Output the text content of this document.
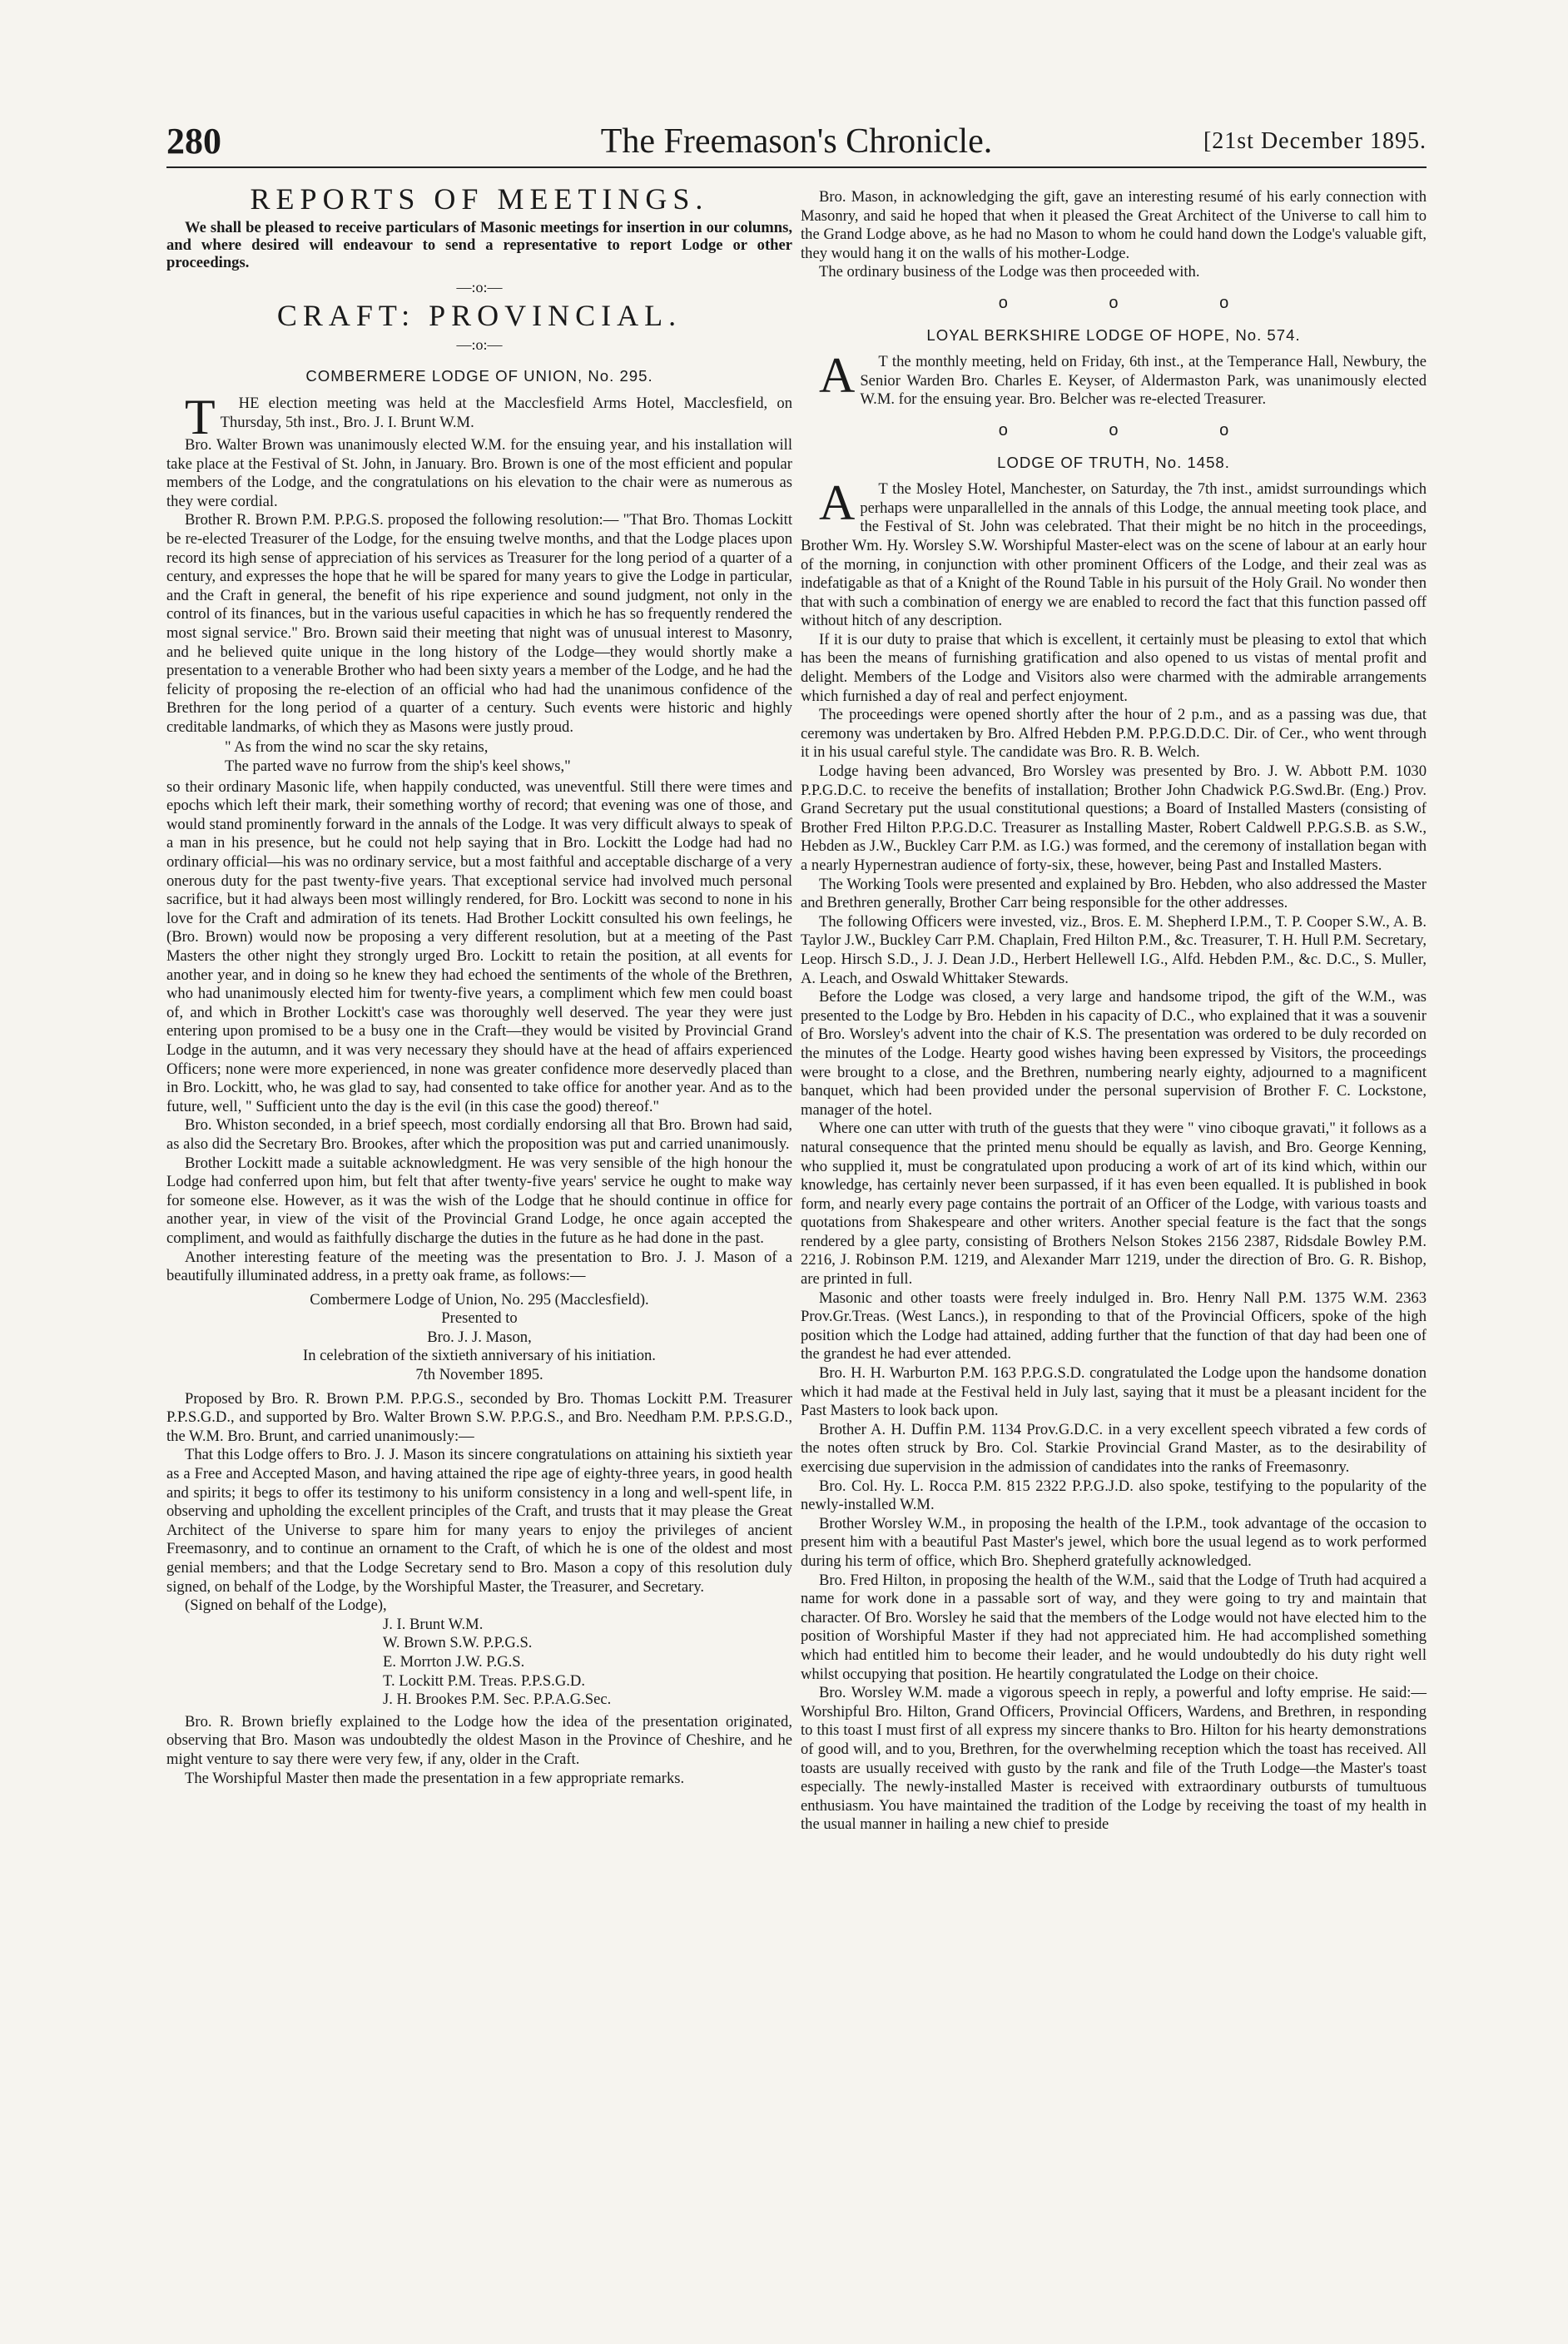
The Freemason's Chronicle.
280	[21st December 1895.
REPORTS OF MEETINGS.

We shall be pleased to receive particulars of Masonic meetings for insertion in our columns, and where desired will endeavour to send a representative to report Lodge or other proceedings.

—:o:—
CRAFT: PROVINCIAL.
—:o:—
COMBERMERE LODGE OF UNION, No. 295.

T HE election meeting was held at the Macclesfield Arms Hotel, Macclesfield, on Thursday, 5th inst., Bro. J. I. Brunt W.M.

Bro. Walter Brown was unanimously elected W.M. for the ensuing year, and his installation will take place at the Festival of St. John, in January. Bro. Brown is one of the most efficient and popular members of the Lodge, and the congratulations on his elevation to the chair were as numerous as they were cordial.

Brother R. Brown P.M. P.P.G.S. proposed the following resolution:— "That Bro. Thomas Lockitt be re-elected Treasurer of the Lodge, for the ensuing twelve months, and that the Lodge places upon record its high sense of appreciation of his services as Treasurer for the long period of a quarter of a century, and expresses the hope that he will be spared for many years to give the Lodge in particular, and the Craft in general, the benefit of his ripe experience and sound judgment, not only in the control of its finances, but in the various useful capacities in which he has so frequently rendered the most signal service." Bro. Brown said their meeting that night was of unusual interest to Masonry, and he believed quite unique in the long history of the Lodge—they would shortly make a presentation to a venerable Brother who had been sixty years a member of the Lodge, and he had the felicity of proposing the re-election of an official who had had the unanimous confidence of the Brethren for the long period of a quarter of a century. Such events were historic and highly creditable landmarks, of which they as Masons were justly proud.

" As from the wind no scar the sky retains,

The parted wave no furrow from the ship's keel shows,"

so their ordinary Masonic life, when happily conducted, was uneventful. Still there were times and epochs which left their mark, their something worthy of record; that evening was one of those, and would stand prominently forward in the annals of the Lodge. It was very difficult always to speak of a man in his presence, but he could not help saying that in Bro. Lockitt the Lodge had had no ordinary official—his was no ordinary service, but a most faithful and acceptable discharge of a very onerous duty for the past twenty-five years. That exceptional service had involved much personal sacrifice, but it had always been most willingly rendered, for Bro. Lockitt was second to none in his love for the Craft and admiration of its tenets. Had Brother Lockitt consulted his own feelings, he (Bro. Brown) would now be proposing a very different resolution, but at a meeting of the Past Masters the other night they strongly urged Bro. Lockitt to retain the position, at all events for another year, and in doing so he knew they had echoed the sentiments of the whole of the Brethren, who had unanimously elected him for twenty-five years, a compliment which few men could boast of, and which in Brother Lockitt's case was thoroughly well deserved. The year they were just entering upon promised to be a busy one in the Craft—they would be visited by Provincial Grand Lodge in the autumn, and it was very necessary they should have at the head of affairs experienced Officers; none were more experienced, in none was greater confidence more deservedly placed than in Bro. Lockitt, who, he was glad to say, had consented to take office for another year. And as to the future, well, " Sufficient unto the day is the evil (in this case the good) thereof."

Bro. Whiston seconded, in a brief speech, most cordially endorsing all that Bro. Brown had said, as also did the Secretary Bro. Brookes, after which the proposition was put and carried unanimously.

Brother Lockitt made a suitable acknowledgment. He was very sensible of the high honour the Lodge had conferred upon him, but felt that after twenty-five years' service he ought to make way for someone else. However, as it was the wish of the Lodge that he should continue in office for another year, in view of the visit of the Provincial Grand Lodge, he once again accepted the compliment, and would as faithfully discharge the duties in the future as he had done in the past.

Another interesting feature of the meeting was the presentation to Bro. J. J. Mason of a beautifully illuminated address, in a pretty oak frame, as follows:—

Combermere Lodge of Union, No. 295 (Macclesfield).

Presented to

Bro. J. J. Mason,

In celebration of the sixtieth anniversary of his initiation.

7th November 1895.

Proposed by Bro. R. Brown P.M. P.P.G.S., seconded by Bro. Thomas Lockitt P.M. Treasurer P.P.S.G.D., and supported by Bro. Walter Brown S.W. P.P.G.S., and Bro. Needham P.M. P.P.S.G.D., the W.M. Bro. Brunt, and carried unanimously:—

That this Lodge offers to Bro. J. J. Mason its sincere congratulations on attaining his sixtieth year as a Free and Accepted Mason, and having attained the ripe age of eighty-three years, in good health and spirits; it begs to offer its testimony to his uniform consistency in a long and well-spent life, in observing and upholding the excellent principles of the Craft, and trusts that it may please the Great Architect of the Universe to spare him for many years to enjoy the privileges of ancient Freemasonry, and to continue an ornament to the Craft, of which he is one of the oldest and most genial members; and that the Lodge Secretary send to Bro. Mason a copy of this resolution duly signed, on behalf of the Lodge, by the Worshipful Master, the Treasurer, and Secretary.

(Signed on behalf of the Lodge),

J. I. Brunt W.M.

W. Brown S.W. P.P.G.S.

E. Morrton J.W. P.G.S.

T. Lockitt P.M. Treas. P.P.S.G.D.

J. H. Brookes P.M. Sec. P.P.A.G.Sec.

Bro. R. Brown briefly explained to the Lodge how the idea of the presentation originated, observing that Bro. Mason was undoubtedly the oldest Mason in the Province of Cheshire, and he might venture to say there were very few, if any, older in the Craft.

The Worshipful Master then made the presentation in a few appropriate remarks.

Bro. Mason, in acknowledging the gift, gave an interesting resumé of his early connection with Masonry, and said he hoped that when it pleased the Great Architect of the Universe to call him to the Grand Lodge above, as he had no Mason to whom he could hand down the Lodge's valuable gift, they would hang it on the walls of his mother-Lodge.

The ordinary business of the Lodge was then proceeded with.

o o o
LOYAL BERKSHIRE LODGE OF HOPE, No. 574.

A T the monthly meeting, held on Friday, 6th inst., at the Temperance Hall, Newbury, the Senior Warden Bro. Charles E. Keyser, of Aldermaston Park, was unanimously elected W.M. for the ensuing year. Bro. Belcher was re-elected Treasurer.

o o o
LODGE OF TRUTH, No. 1458.

A T the Mosley Hotel, Manchester, on Saturday, the 7th inst., amidst surroundings which perhaps were unparallelled in the annals of this Lodge, the annual meeting took place, and the Festival of St. John was celebrated. That their might be no hitch in the proceedings, Brother Wm. Hy. Worsley S.W. Worshipful Master-elect was on the scene of labour at an early hour of the morning, in conjunction with other prominent Officers of the Lodge, and their zeal was as indefatigable as that of a Knight of the Round Table in his pursuit of the Holy Grail. No wonder then that with such a combination of energy we are enabled to record the fact that this function passed off without hitch of any description.

If it is our duty to praise that which is excellent, it certainly must be pleasing to extol that which has been the means of furnishing gratification and also opened to us vistas of mental profit and delight. Members of the Lodge and Visitors also were charmed with the admirable arrangements which furnished a day of real and perfect enjoyment.

The proceedings were opened shortly after the hour of 2 p.m., and as a passing was due, that ceremony was undertaken by Bro. Alfred Hebden P.M. P.P.G.D.D.C. Dir. of Cer., who went through it in his usual careful style. The candidate was Bro. R. B. Welch.

Lodge having been advanced, Bro Worsley was presented by Bro. J. W. Abbott P.M. 1030 P.P.G.D.C. to receive the benefits of installation; Brother John Chadwick P.G.Swd.Br. (Eng.) Prov. Grand Secretary put the usual constitutional questions; a Board of Installed Masters (consisting of Brother Fred Hilton P.P.G.D.C. Treasurer as Installing Master, Robert Caldwell P.P.G.S.B. as S.W., Hebden as J.W., Buckley Carr P.M. as I.G.) was formed, and the ceremony of installation began with a nearly Hypernestran audience of forty-six, these, however, being Past and Installed Masters.

The Working Tools were presented and explained by Bro. Hebden, who also addressed the Master and Brethren generally, Brother Carr being responsible for the other addresses.

The following Officers were invested, viz., Bros. E. M. Shepherd I.P.M., T. P. Cooper S.W., A. B. Taylor J.W., Buckley Carr P.M. Chaplain, Fred Hilton P.M., &c. Treasurer, T. H. Hull P.M. Secretary, Leop. Hirsch S.D., J. J. Dean J.D., Herbert Hellewell I.G., Alfd. Hebden P.M., &c. D.C., S. Muller, A. Leach, and Oswald Whittaker Stewards.

Before the Lodge was closed, a very large and handsome tripod, the gift of the W.M., was presented to the Lodge by Bro. Hebden in his capacity of D.C., who explained that it was a souvenir of Bro. Worsley's advent into the chair of K.S. The presentation was ordered to be duly recorded on the minutes of the Lodge. Hearty good wishes having been expressed by Visitors, the proceedings were brought to a close, and the Brethren, numbering nearly eighty, adjourned to a magnificent banquet, which had been provided under the personal supervision of Brother F. C. Lockstone, manager of the hotel.

Where one can utter with truth of the guests that they were " vino ciboque gravati," it follows as a natural consequence that the printed menu should be equally as lavish, and Bro. George Kenning, who supplied it, must be congratulated upon producing a work of art of its kind which, within our knowledge, has certainly never been surpassed, if it has even been equalled. It is published in book form, and nearly every page contains the portrait of an Officer of the Lodge, with various toasts and quotations from Shakespeare and other writers. Another special feature is the fact that the songs rendered by a glee party, consisting of Brothers Nelson Stokes 2156 2387, Ridsdale Bowley P.M. 2216, J. Robinson P.M. 1219, and Alexander Marr 1219, under the direction of Bro. G. R. Bishop, are printed in full.

Masonic and other toasts were freely indulged in. Bro. Henry Nall P.M. 1375 W.M. 2363 Prov.Gr.Treas. (West Lancs.), in responding to that of the Provincial Officers, spoke of the high position which the Lodge had attained, adding further that the function of that day had been one of the grandest he had ever attended.

Bro. H. H. Warburton P.M. 163 P.P.G.S.D. congratulated the Lodge upon the handsome donation which it had made at the Festival held in July last, saying that it must be a pleasant incident for the Past Masters to look back upon.

Brother A. H. Duffin P.M. 1134 Prov.G.D.C. in a very excellent speech vibrated a few cords of the notes often struck by Bro. Col. Starkie Provincial Grand Master, as to the desirability of exercising due supervision in the admission of candidates into the ranks of Freemasonry.

Bro. Col. Hy. L. Rocca P.M. 815 2322 P.P.G.J.D. also spoke, testifying to the popularity of the newly-installed W.M.

Brother Worsley W.M., in proposing the health of the I.P.M., took advantage of the occasion to present him with a beautiful Past Master's jewel, which bore the usual legend as to work performed during his term of office, which Bro. Shepherd gratefully acknowledged.

Bro. Fred Hilton, in proposing the health of the W.M., said that the Lodge of Truth had acquired a name for work done in a passable sort of way, and they were going to try and maintain that character. Of Bro. Worsley he said that the members of the Lodge would not have elected him to the position of Worshipful Master if they had not appreciated him. He had accomplished something which had entitled him to become their leader, and he would undoubtedly do his duty right well whilst occupying that position. He heartily congratulated the Lodge on their choice.

Bro. Worsley W.M. made a vigorous speech in reply, a powerful and lofty emprise. He said:—Worshipful Bro. Hilton, Grand Officers, Provincial Officers, Wardens, and Brethren, in responding to this toast I must first of all express my sincere thanks to Bro. Hilton for his hearty demonstrations of good will, and to you, Brethren, for the overwhelming reception which the toast has received. All toasts are usually received with gusto by the rank and file of the Truth Lodge—the Master's toast especially. The newly-installed Master is received with extraordinary outbursts of tumultuous enthusiasm. You have maintained the tradition of the Lodge by receiving the toast of my health in the usual manner in hailing a new chief to preside
